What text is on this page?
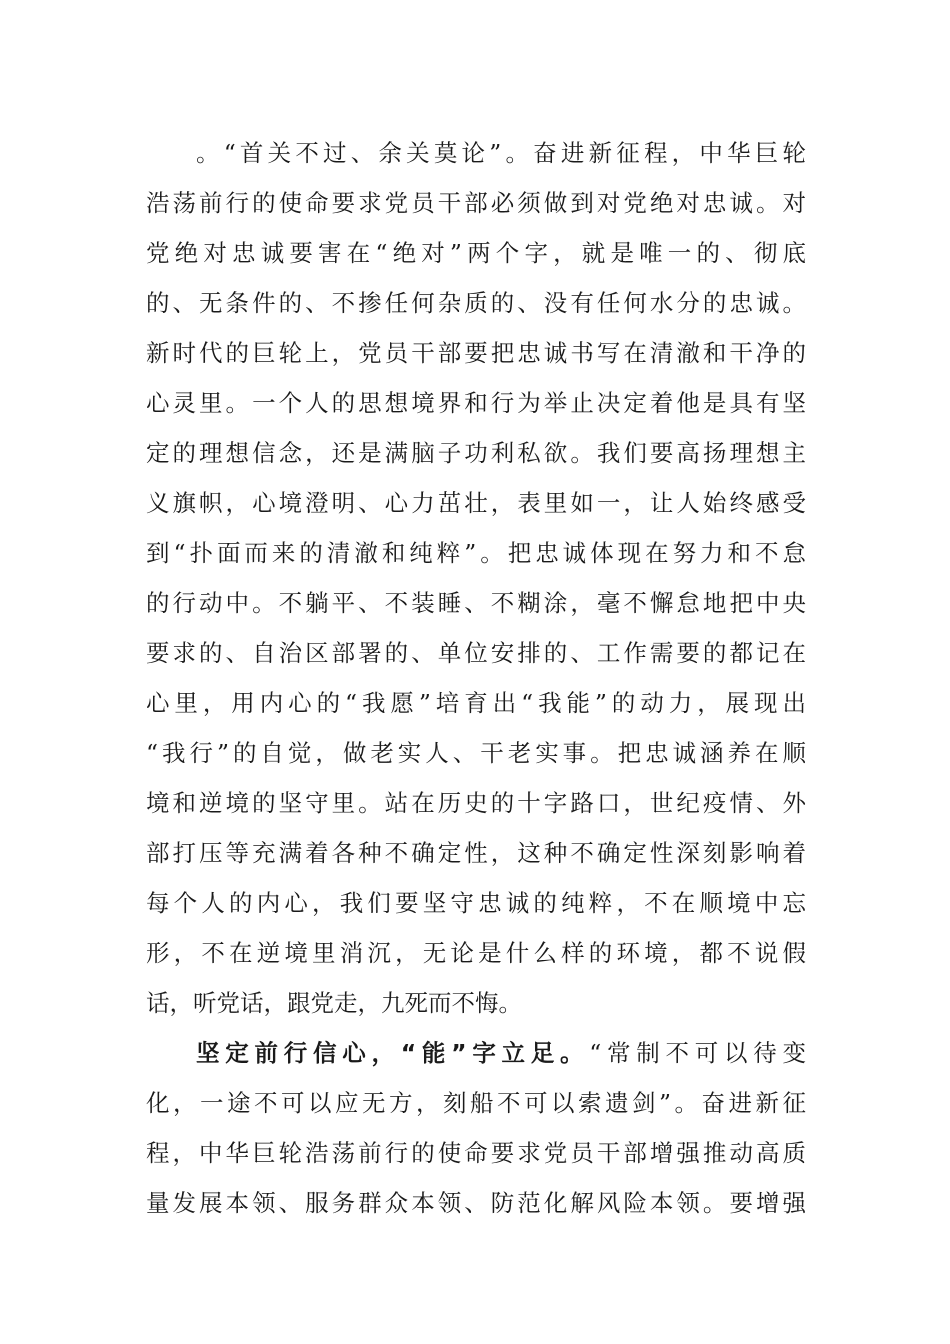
。“首关不过、余关莫论”。奋进新征程，中华巨轮
浩荡前行的使命要求党员干部必须做到对党绝对忠诚。对
党绝对忠诚要害在“绝对”两个字，就是唯一的、彻底
的、无条件的、不掺任何杂质的、没有任何水分的忠诚。
新时代的巨轮上，党员干部要把忠诚书写在清澈和干净的
心灵里。一个人的思想境界和行为举止决定着他是具有坚
定的理想信念，还是满脑子功利私欲。我们要高扬理想主
义旗帜，心境澄明、心力茁壮，表里如一，让人始终感受
到“扑面而来的清澈和纯粹”。把忠诚体现在努力和不怠
的行动中。不躺平、不装睡、不糊涂，毫不懈怠地把中央
要求的、自治区部署的、单位安排的、工作需要的都记在
心里，用内心的“我愿”培育出“我能”的动力，展现出
“我行”的自觉，做老实人、干老实事。把忠诚涵养在顺
境和逆境的坚守里。站在历史的十字路口，世纪疫情、外
部打压等充满着各种不确定性，这种不确定性深刻影响着
每个人的内心，我们要坚守忠诚的纯粹，不在顺境中忘
形，不在逆境里消沉，无论是什么样的环境，都不说假
话，听党话，跟党走，九死而不悔。
坚定前行信心，“能”字立足。“常制不可以待变
化，一途不可以应无方，刻船不可以索遗剑”。奋进新征
程，中华巨轮浩荡前行的使命要求党员干部增强推动高质
量发展本领、服务群众本领、防范化解风险本领。要增强
